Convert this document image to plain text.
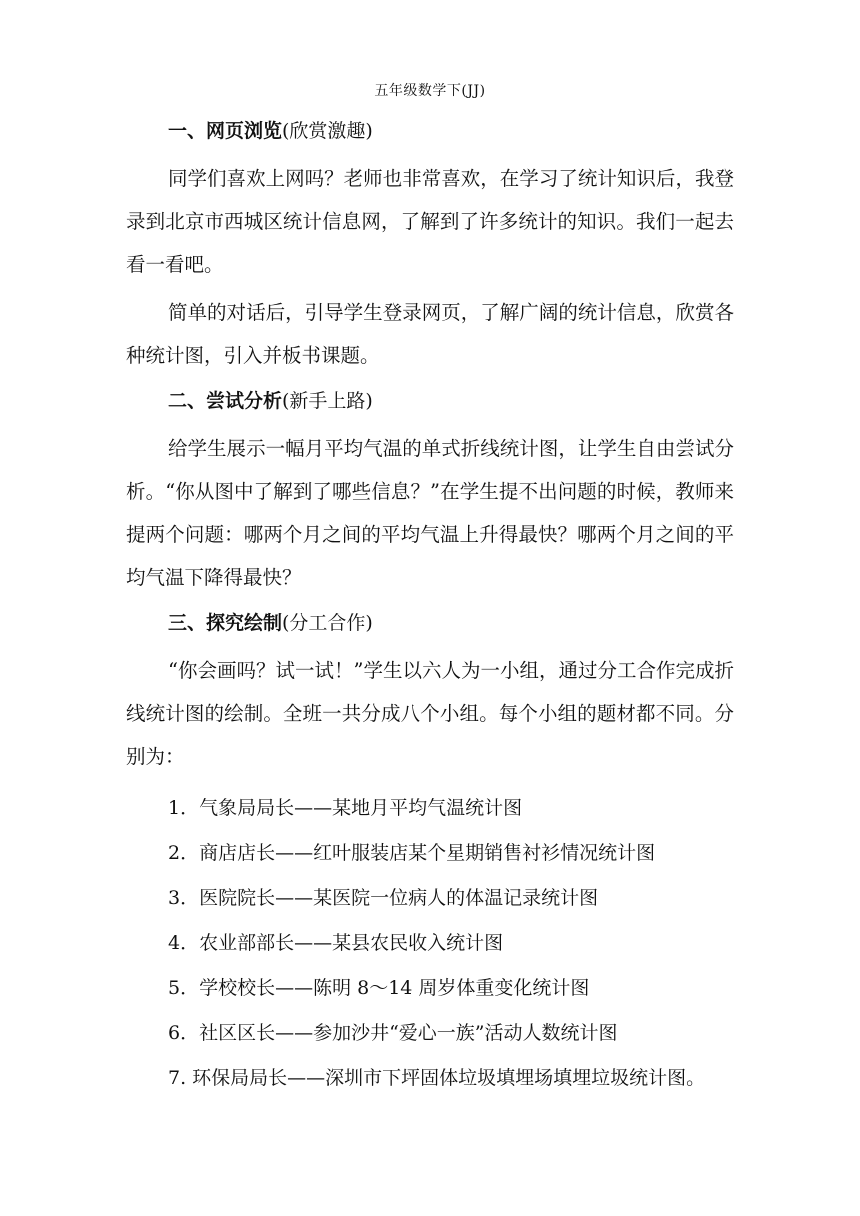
五年级数学下(JJ)

一、网页浏览(欣赏激趣)

同学们喜欢上网吗？老师也非常喜欢，在学习了统计知识后，我登录到北京市西城区统计信息网，了解到了许多统计的知识。我们一起去看一看吧。

简单的对话后，引导学生登录网页，了解广阔的统计信息，欣赏各种统计图，引入并板书课题。

二、尝试分析(新手上路)

给学生展示一幅月平均气温的单式折线统计图，让学生自由尝试分析。“你从图中了解到了哪些信息？”在学生提不出问题的时候，教师来提两个问题：哪两个月之间的平均气温上升得最快？哪两个月之间的平均气温下降得最快？

三、探究绘制(分工合作)

“你会画吗？试一试！”学生以六人为一小组，通过分工合作完成折线统计图的绘制。全班一共分成八个小组。每个小组的题材都不同。分别为：

1．气象局局长——某地月平均气温统计图

2．商店店长——红叶服装店某个星期销售衬衫情况统计图

3．医院院长——某医院一位病人的体温记录统计图

4．农业部部长——某县农民收入统计图

5．学校校长——陈明 8～14 周岁体重变化统计图

6．社区区长——参加沙井“爱心一族”活动人数统计图

7. 环保局局长——深圳市下坪固体垃圾填埋场填埋垃圾统计图。
